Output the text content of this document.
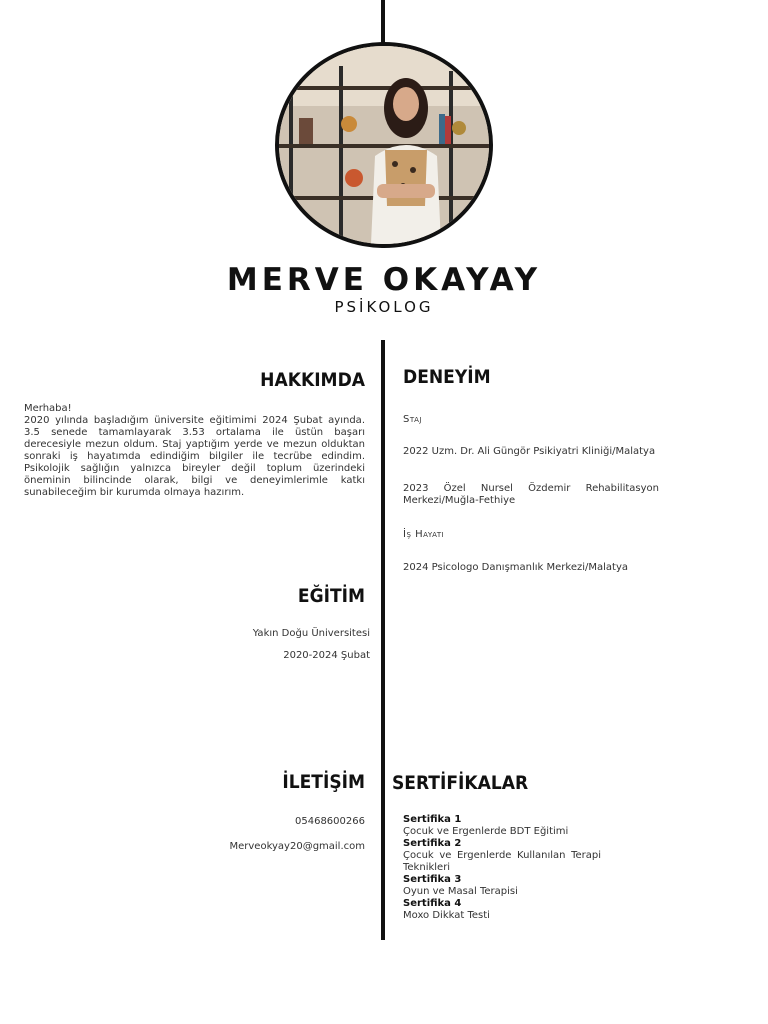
MERVE OKAYAY
PSİKOLOG
HAKKIMDA

Merhaba!
2020 yılında başladığım üniversite eğitimimi 2024 Şubat ayında. 3.5 senede tamamlayarak 3.53 ortalama ile üstün başarı derecesiyle mezun oldum. Staj yaptığım yerde ve mezun olduktan sonraki iş hayatımda edindiğim bilgiler ile tecrübe edindim. Psikolojik sağlığın yalnızca bireyler değil toplum üzerindeki öneminin bilincinde olarak, bilgi ve deneyimlerimle katkı sunabileceğim bir kurumda olmaya hazırım.

EĞİTİM
Yakın Doğu Üniversitesi
2020-2024 Şubat
İLETİŞİM
05468600266
Merveokyay20@gmail.com
DENEYİM
Staj
2022 Uzm. Dr. Ali Güngör Psikiyatri Kliniği/Malatya
2023 Özel Nursel Özdemir Rehabilitasyon Merkezi/Muğla-Fethiye
İş Hayatı
2024 Psicologo Danışmanlık Merkezi/Malatya
SERTİFİKALAR
Sertifika 1
Çocuk ve Ergenlerde BDT Eğitimi
Sertifika 2
Çocuk ve Ergenlerde Kullanılan Terapi Teknikleri
Sertifika 3
Oyun ve Masal Terapisi
Sertifika 4
Moxo Dikkat Testi
